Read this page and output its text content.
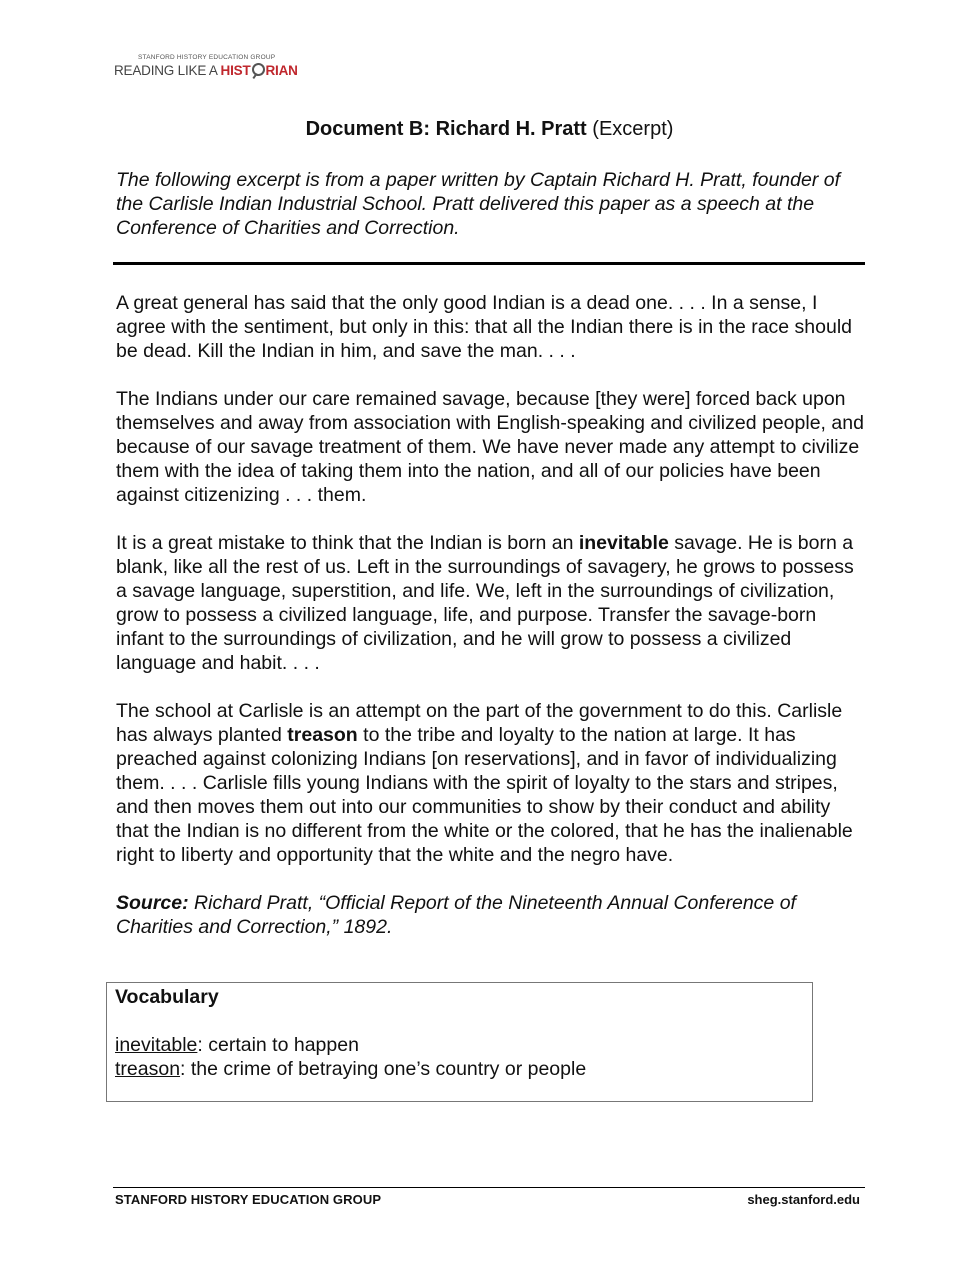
STANFORD HISTORY EDUCATION GROUP
READING LIKE A HIST RIAN
Document B: Richard H. Pratt (Excerpt)
The following excerpt is from a paper written by Captain Richard H. Pratt, founder of the Carlisle Indian Industrial School. Pratt delivered this paper as a speech at the Conference of Charities and Correction.

A great general has said that the only good Indian is a dead one. . . . In a sense, I agree with the sentiment, but only in this: that all the Indian there is in the race should be dead. Kill the Indian in him, and save the man. . . .

The Indians under our care remained savage, because [they were] forced back upon themselves and away from association with English-speaking and civilized people, and because of our savage treatment of them. We have never made any attempt to civilize them with the idea of taking them into the nation, and all of our policies have been against citizenizing . . . them.

It is a great mistake to think that the Indian is born an inevitable savage. He is born a blank, like all the rest of us. Left in the surroundings of savagery, he grows to possess a savage language, superstition, and life. We, left in the surroundings of civilization, grow to possess a civilized language, life, and purpose. Transfer the savage-born infant to the surroundings of civilization, and he will grow to possess a civilized language and habit. . . .

The school at Carlisle is an attempt on the part of the government to do this. Carlisle has always planted treason to the tribe and loyalty to the nation at large. It has preached against colonizing Indians [on reservations], and in favor of individualizing them. . . . Carlisle fills young Indians with the spirit of loyalty to the stars and stripes, and then moves them out into our communities to show by their conduct and ability that the Indian is no different from the white or the colored, that he has the inalienable right to liberty and opportunity that the white and the negro have.

Source: Richard Pratt, “Official Report of the Nineteenth Annual Conference of Charities and Correction,” 1892.

Vocabulary
inevitable: certain to happen
treason: the crime of betraying one’s country or people
STANFORD HISTORY EDUCATION GROUP	sheg.stanford.edu
